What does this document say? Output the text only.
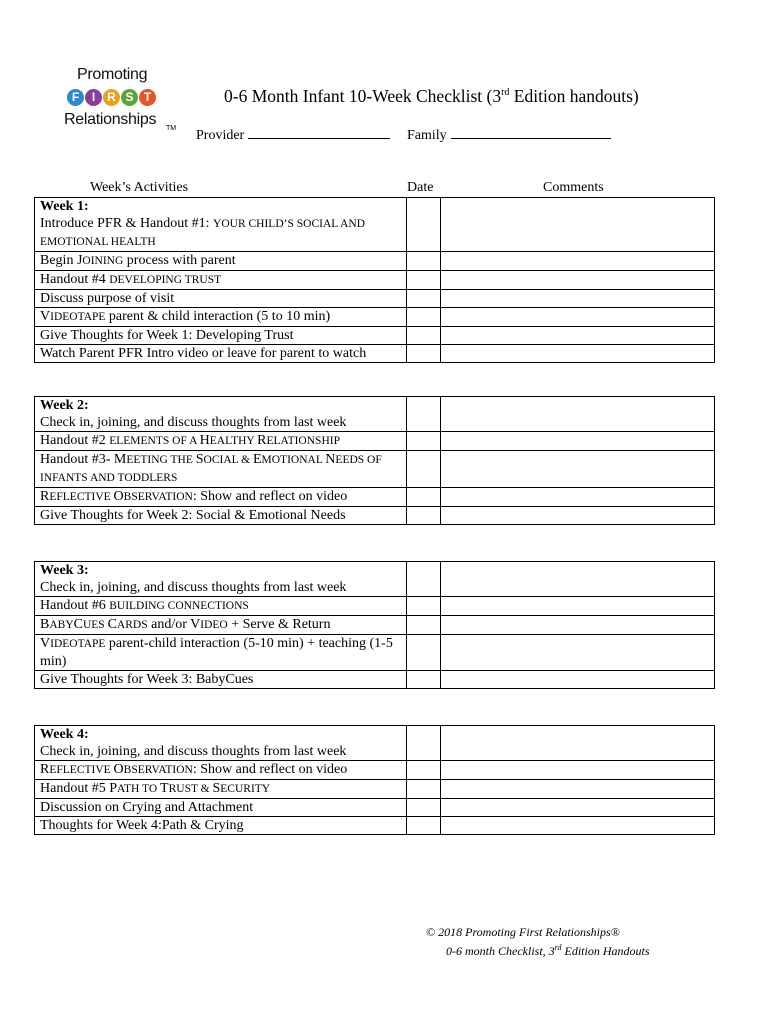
Promoting
F	I R S T
Relationships
TM
0-6 Month Infant 10-Week Checklist (3rd Edition handouts)
Provider	Family
Week’s Activities	Date	Comments
Week 1:
Introduce PFR & Handout #1: YOUR CHILD’S SOCIAL AND EMOTIONAL HEALTH		

Begin JOINING process with parent		
Handout #4 DEVELOPING TRUST		
Discuss purpose of visit		
VIDEOTAPE parent & child interaction (5 to 10 min)		
Give Thoughts for Week 1: Developing Trust		
Watch Parent PFR Intro video or leave for parent to watch		
Week 2:
Check in, joining, and discuss thoughts from last week		

Handout #2 ELEMENTS OF A HEALTHY RELATIONSHIP		
Handout #3- MEETING THE SOCIAL & EMOTIONAL NEEDS OF INFANTS AND TODDLERS		
REFLECTIVE OBSERVATION: Show and reflect on video		
Give Thoughts for Week 2: Social & Emotional Needs		
Week 3:
Check in, joining, and discuss thoughts from last week		

Handout #6 BUILDING CONNECTIONS		
BABYCUES CARDS and/or VIDEO + Serve & Return		
VIDEOTAPE parent-child interaction (5-10 min) + teaching (1-5 min)		
Give Thoughts for Week 3: BabyCues		
Week 4:
Check in, joining, and discuss thoughts from last week		

REFLECTIVE OBSERVATION: Show and reflect on video		
Handout #5 PATH TO TRUST & SECURITY		
Discussion on Crying and Attachment		
Thoughts for Week 4:Path & Crying		
© 2018 Promoting First Relationships®
0-6 month Checklist, 3rd Edition Handouts
